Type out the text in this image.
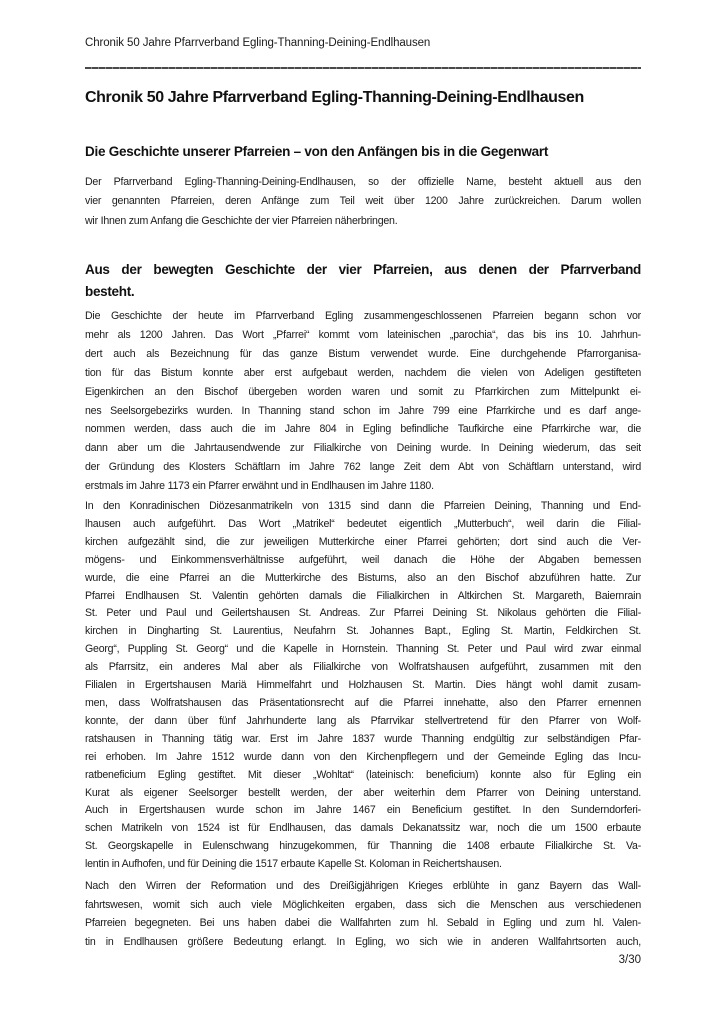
Chronik 50 Jahre Pfarrverband Egling-Thanning-Deining-Endlhausen
Chronik 50 Jahre Pfarrverband Egling-Thanning-Deining-Endlhausen
Die Geschichte unserer Pfarreien – von den Anfängen bis in die Gegenwart
Der Pfarrverband Egling-Thanning-Deining-Endlhausen, so der offizielle Name, besteht aktuell aus den
vier genannten Pfarreien, deren Anfänge zum Teil weit über 1200 Jahre zurückreichen. Darum wollen
wir Ihnen zum Anfang die Geschichte der vier Pfarreien näherbringen.
Aus der bewegten Geschichte der vier Pfarreien, aus denen der Pfarrverband
besteht.
Die Geschichte der heute im Pfarrverband Egling zusammengeschlossenen Pfarreien begann schon vor
mehr als 1200 Jahren. Das Wort „Pfarrei“ kommt vom lateinischen „parochia“, das bis ins 10. Jahrhun-
dert auch als Bezeichnung für das ganze Bistum verwendet wurde. Eine durchgehende Pfarrorganisa-
tion für das Bistum konnte aber erst aufgebaut werden, nachdem die vielen von Adeligen gestifteten
Eigenkirchen an den Bischof übergeben worden waren und somit zu Pfarrkirchen zum Mittelpunkt ei-
nes Seelsorgebezirks wurden. In Thanning stand schon im Jahre 799 eine Pfarrkirche und es darf ange-
nommen werden, dass auch die im Jahre 804 in Egling befindliche Taufkirche eine Pfarrkirche war, die
dann aber um die Jahrtausendwende zur Filialkirche von Deining wurde. In Deining wiederum, das seit
der Gründung des Klosters Schäftlarn im Jahre 762 lange Zeit dem Abt von Schäftlarn unterstand, wird
erstmals im Jahre 1173 ein Pfarrer erwähnt und in Endlhausen im Jahre 1180.
In den Konradinischen Diözesanmatrikeln von 1315 sind dann die Pfarreien Deining, Thanning und End-
lhausen auch aufgeführt. Das Wort „Matrikel“ bedeutet eigentlich „Mutterbuch“, weil darin die Filial-
kirchen aufgezählt sind, die zur jeweiligen Mutterkirche einer Pfarrei gehörten; dort sind auch die Ver-
mögens- und Einkommensverhältnisse aufgeführt, weil danach die Höhe der Abgaben bemessen
wurde, die eine Pfarrei an die Mutterkirche des Bistums, also an den Bischof abzuführen hatte. Zur
Pfarrei Endlhausen St. Valentin gehörten damals die Filialkirchen in Altkirchen St. Margareth, Baiernrain
St. Peter und Paul und Geilertshausen St. Andreas. Zur Pfarrei Deining St. Nikolaus gehörten die Filial-
kirchen in Dingharting St. Laurentius, Neufahrn St. Johannes Bapt., Egling St. Martin, Feldkirchen St.
Georg“, Puppling St. Georg“ und die Kapelle in Hornstein. Thanning St. Peter und Paul wird zwar einmal
als Pfarrsitz, ein anderes Mal aber als Filialkirche von Wolfratshausen aufgeführt, zusammen mit den
Filialen in Ergertshausen Mariä Himmelfahrt und Holzhausen St. Martin. Dies hängt wohl damit zusam-
men, dass Wolfratshausen das Präsentationsrecht auf die Pfarrei innehatte, also den Pfarrer ernennen
konnte, der dann über fünf Jahrhunderte lang als Pfarrvikar stellvertretend für den Pfarrer von Wolf-
ratshausen in Thanning tätig war. Erst im Jahre 1837 wurde Thanning endgültig zur selbständigen Pfar-
rei erhoben. Im Jahre 1512 wurde dann von den Kirchenpflegern und der Gemeinde Egling das Incu-
ratbeneficium Egling gestiftet. Mit dieser „Wohltat“ (lateinisch: beneficium) konnte also für Egling ein
Kurat als eigener Seelsorger bestellt werden, der aber weiterhin dem Pfarrer von Deining unterstand.
Auch in Ergertshausen wurde schon im Jahre 1467 ein Beneficium gestiftet. In den Sunderndorferi-
schen Matrikeln von 1524 ist für Endlhausen, das damals Dekanatssitz war, noch die um 1500 erbaute
St. Georgskapelle in Eulenschwang hinzugekommen, für Thanning die 1408 erbaute Filialkirche St. Va-
lentin in Aufhofen, und für Deining die 1517 erbaute Kapelle St. Koloman in Reichertshausen.
Nach den Wirren der Reformation und des Dreißigjährigen Krieges erblühte in ganz Bayern das Wall-
fahrtswesen, womit sich auch viele Möglichkeiten ergaben, dass sich die Menschen aus verschiedenen
Pfarreien begegneten. Bei uns haben dabei die Wallfahrten zum hl. Sebald in Egling und zum hl. Valen-
tin in Endlhausen größere Bedeutung erlangt. In Egling, wo sich wie in anderen Wallfahrtsorten auch,
3/30
